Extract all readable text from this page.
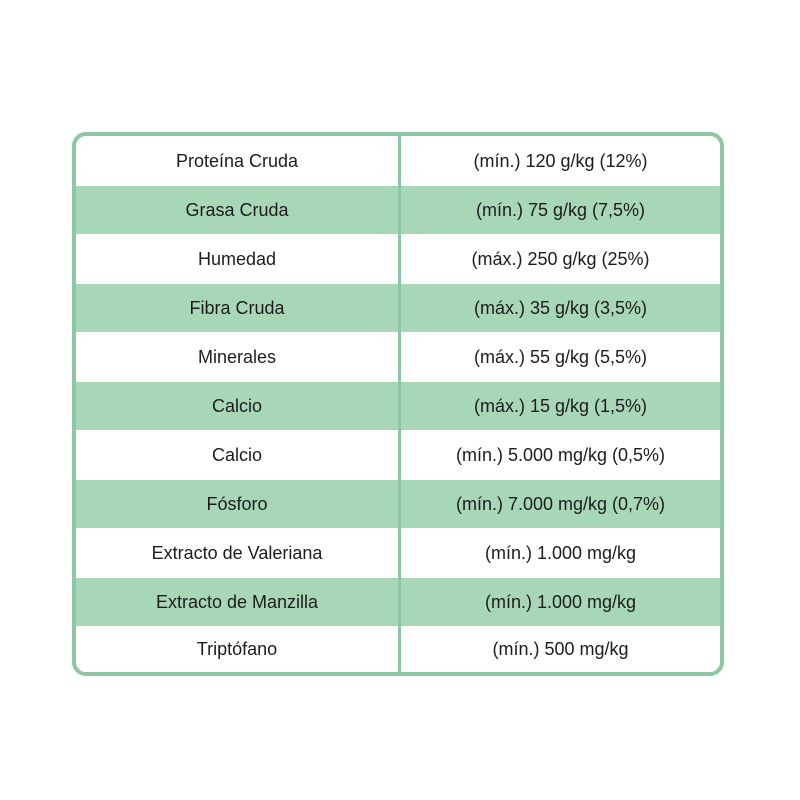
Proteína Cruda	(mín.) 120 g/kg (12%)
Grasa Cruda	(mín.) 75 g/kg (7,5%)
Humedad	(máx.) 250 g/kg (25%)
Fibra Cruda	(máx.) 35 g/kg (3,5%)
Minerales	(máx.) 55 g/kg (5,5%)
Calcio	(máx.) 15 g/kg (1,5%)
Calcio	(mín.) 5.000 mg/kg (0,5%)
Fósforo	(mín.) 7.000 mg/kg (0,7%)
Extracto de Valeriana	(mín.) 1.000 mg/kg
Extracto de Manzilla	(mín.) 1.000 mg/kg
Triptófano	(mín.) 500 mg/kg
